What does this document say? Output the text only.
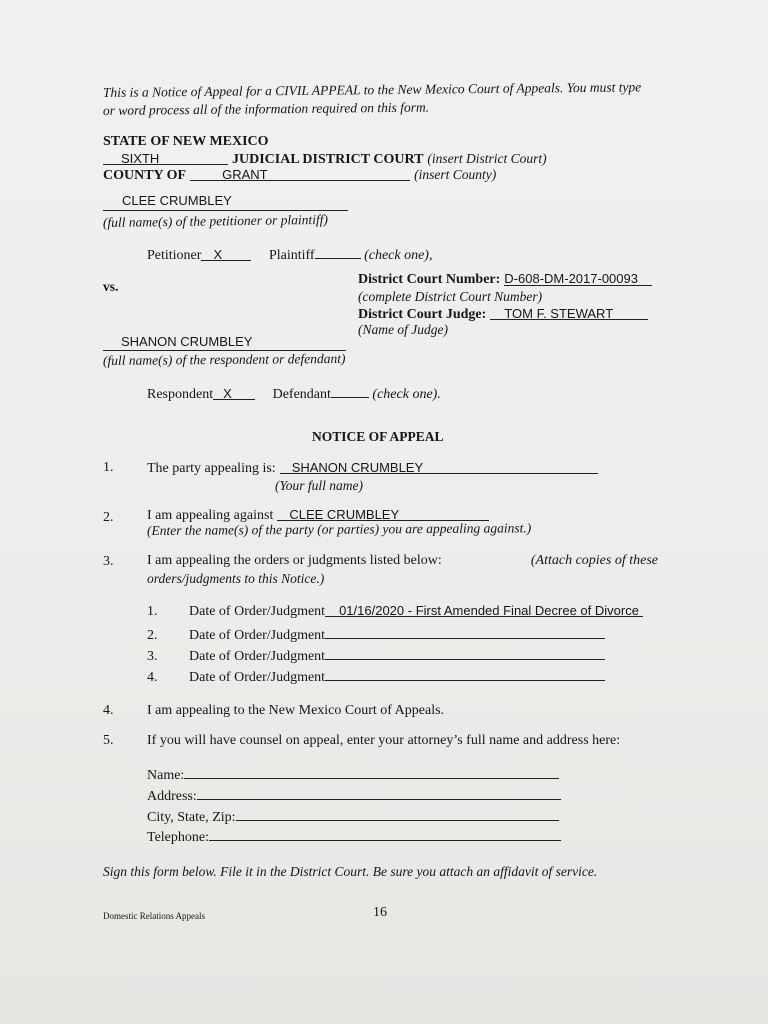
This is a Notice of Appeal for a CIVIL APPEAL to the New Mexico Court of Appeals. You must type
or word process all of the information required on this form.
STATE OF NEW MEXICO
SIXTH	JUDICIAL DISTRICT COURT (insert District Court)
COUNTY OF	GRANT	(insert County)
CLEE CRUMBLEY
(full name(s) of the petitioner or plaintiff)
Petitioner X	Plaintiff	(check one),
vs.	District Court Number: D-608-DM-2017-00093
(complete District Court Number)
District Court Judge: TOM F. STEWART
(Name of Judge)
SHANON CRUMBLEY
(full name(s) of the respondent or defendant)
Respondent X	Defendant	(check one).
NOTICE OF APPEAL
1. The party appealing is: SHANON CRUMBLEY
(Your full name)
2. I am appealing against CLEE CRUMBLEY
(Enter the name(s) of the party (or parties) you are appealing against.)
3. I am appealing the orders or judgments listed below:	(Attach copies of these
orders/judgments to this Notice.)
1. Date of Order/Judgment 01/16/2020 - First Amended Final Decree of Divorce
2. Date of Order/Judgment
3. Date of Order/Judgment
4. Date of Order/Judgment
4. I am appealing to the New Mexico Court of Appeals.
5. If you will have counsel on appeal, enter your attorney’s full name and address here:
Name:
Address:
City, State, Zip:
Telephone:
Sign this form below. File it in the District Court. Be sure you attach an affidavit of service.
Domestic Relations Appeals	16
